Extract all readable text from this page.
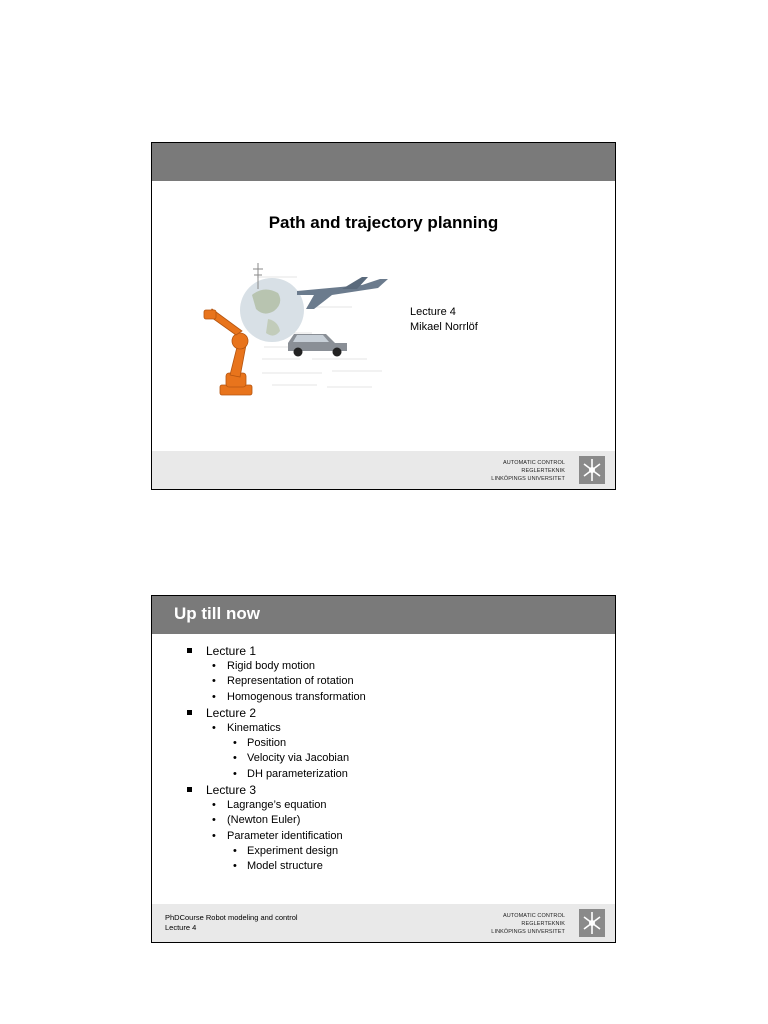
Path and trajectory planning
Lecture 4
Mikael Norrlöf
AUTOMATIC CONTROL
REGLERTEKNIK
LINKÖPINGS UNIVERSITET
Up till now
Lecture 1
• Rigid body motion
• Representation of rotation
• Homogenous transformation
Lecture 2
• Kinematics
• Position
• Velocity via Jacobian
• DH parameterization
Lecture 3
• Lagrange’s equation
• (Newton Euler)
• Parameter identification
• Experiment design
• Model structure
PhDCourse Robot modeling and control
Lecture 4
AUTOMATIC CONTROL
REGLERTEKNIK
LINKÖPINGS UNIVERSITET
